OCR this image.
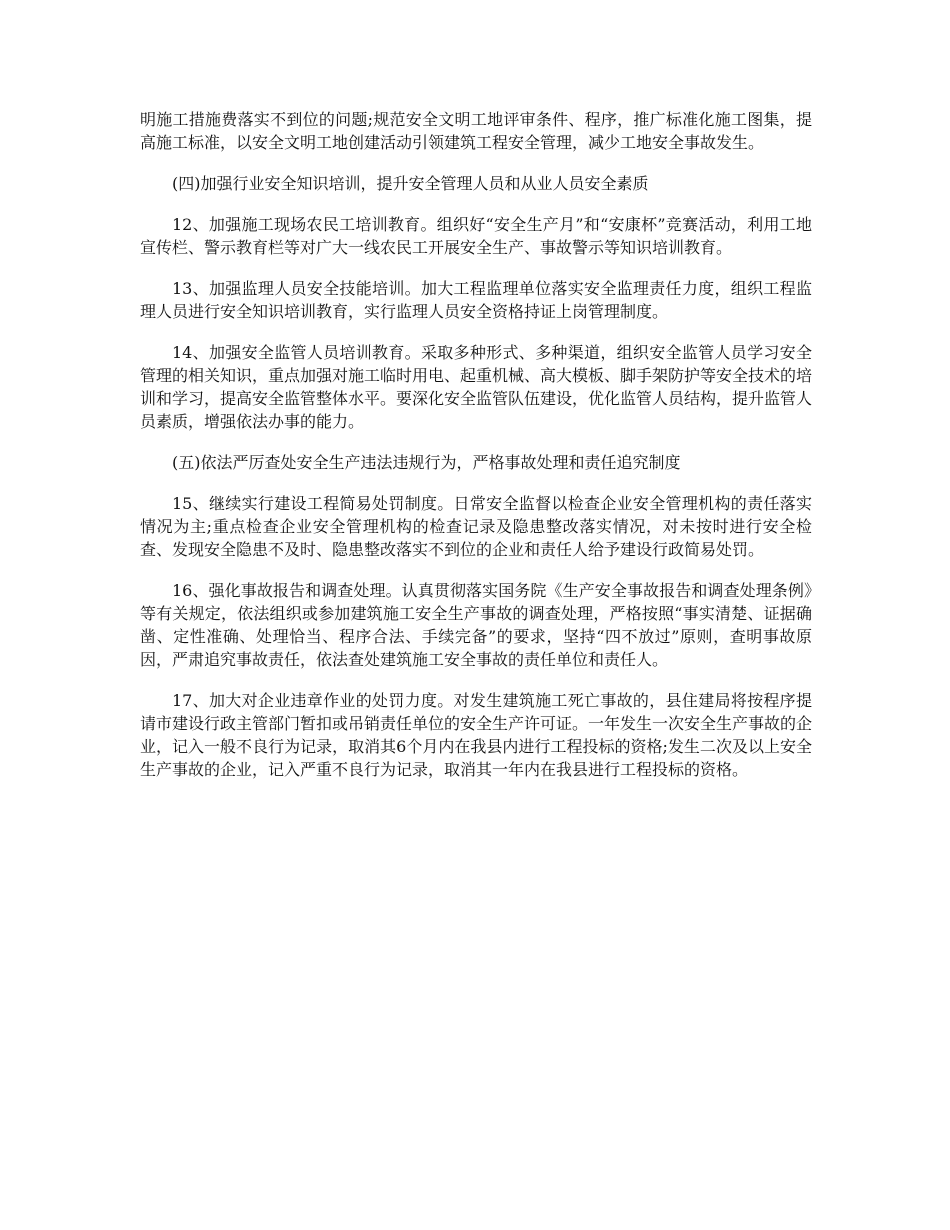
明施工措施费落实不到位的问题;规范安全文明工地评审条件、程序，推广标准化施工图集，提高施工标准，以安全文明工地创建活动引领建筑工程安全管理，减少工地安全事故发生。

(四)加强行业安全知识培训，提升安全管理人员和从业人员安全素质

12、加强施工现场农民工培训教育。组织好“安全生产月”和“安康杯”竞赛活动，利用工地宣传栏、警示教育栏等对广大一线农民工开展安全生产、事故警示等知识培训教育。

13、加强监理人员安全技能培训。加大工程监理单位落实安全监理责任力度，组织工程监理人员进行安全知识培训教育，实行监理人员安全资格持证上岗管理制度。

14、加强安全监管人员培训教育。采取多种形式、多种渠道，组织安全监管人员学习安全管理的相关知识，重点加强对施工临时用电、起重机械、高大模板、脚手架防护等安全技术的培训和学习，提高安全监管整体水平。要深化安全监管队伍建设，优化监管人员结构，提升监管人员素质，增强依法办事的能力。

(五)依法严厉查处安全生产违法违规行为，严格事故处理和责任追究制度

15、继续实行建设工程简易处罚制度。日常安全监督以检查企业安全管理机构的责任落实情况为主;重点检查企业安全管理机构的检查记录及隐患整改落实情况，对未按时进行安全检查、发现安全隐患不及时、隐患整改落实不到位的企业和责任人给予建设行政简易处罚。

16、强化事故报告和调查处理。认真贯彻落实国务院《生产安全事故报告和调查处理条例》等有关规定，依法组织或参加建筑施工安全生产事故的调查处理，严格按照“事实清楚、证据确凿、定性准确、处理恰当、程序合法、手续完备”的要求，坚持“四不放过”原则，查明事故原因，严肃追究事故责任，依法查处建筑施工安全事故的责任单位和责任人。

17、加大对企业违章作业的处罚力度。对发生建筑施工死亡事故的，县住建局将按程序提请市建设行政主管部门暂扣或吊销责任单位的安全生产许可证。一年发生一次安全生产事故的企业，记入一般不良行为记录，取消其6个月内在我县内进行工程投标的资格;发生二次及以上安全生产事故的企业，记入严重不良行为记录，取消其一年内在我县进行工程投标的资格。
